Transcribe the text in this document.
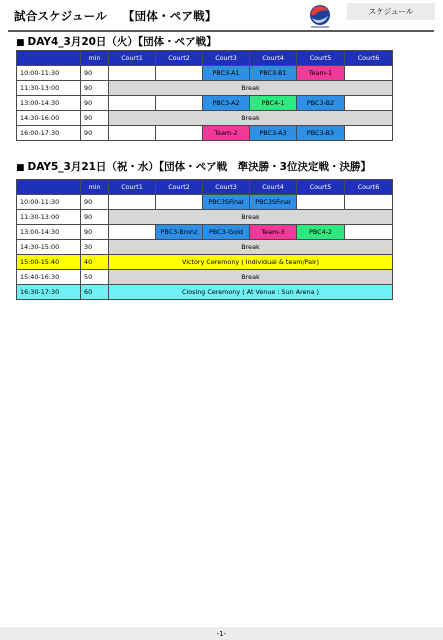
試合スケジュール 【団体・ペア戦】	スケジュール
■ DAY4_3月20日（火）【団体・ペア戦】
	min	Court1	Court2	Court3	Court4	Court5	Court6
10:00-11:30	90			PBC3-A1	PBC3-B1	Team-1	
11:30-13:00	90	Break					
13:00-14:30	90			PBC3-A2	PBC4-1	PBC3-B2	
14:30-16:00	90	Break					
16:00-17:30	90			Team-2	PBC3-A3	PBC3-B3	
■ DAY5_3月21日（祝・水）【団体・ペア戦　準決勝・3位決定戦・決勝】
	min	Court1	Court2	Court3	Court4	Court5	Court6
10:00-11:30	90			PBC3SFinal	PBC3SFinal		
11:30-13:00	90	Break					
13:00-14:30	90		PBC3-Bronz	PBC3-Gold	Team-3	PBC4-2	
14:30-15:00	30	Break					
15:00-15:40	40	Victory Ceremony ( Individual & team/Pair)					
15:40-16:30	50	Break					
16:30-17:30	60	Closing Ceremony ( At Venue : Sun Arena )					
-1-
